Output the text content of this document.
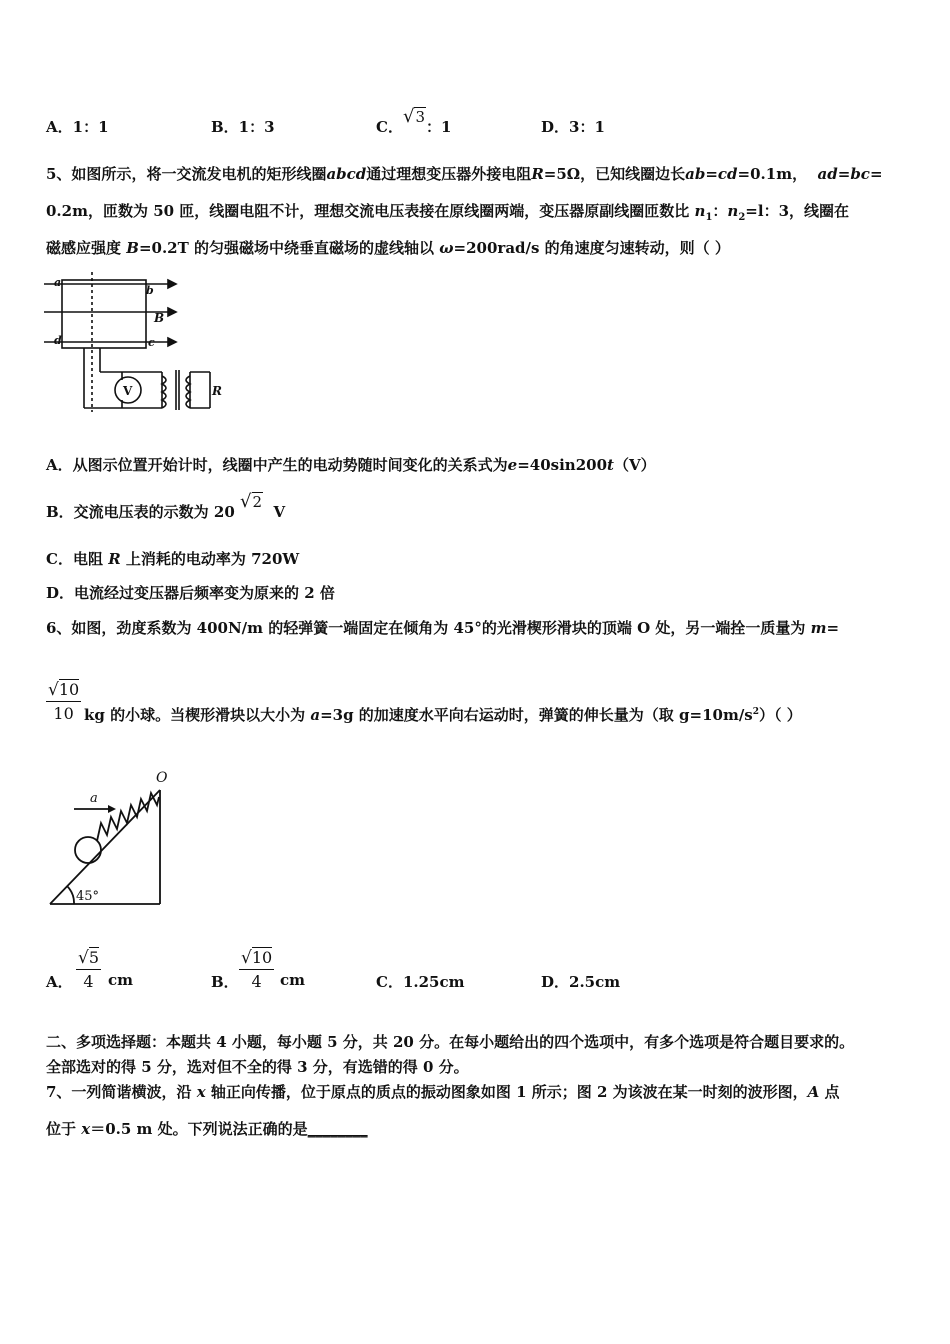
A．1：1	B．1：3	C．√3：1	D．3：1
5、如图所示，将一交流发电机的矩形线圈abcd通过理想变压器外接电阻R=5Ω，已知线圈边长ab=cd=0.1m， ad=bc=
0.2m，匝数为 50 匝，线圈电阻不计，理想交流电压表接在原线圈两端，变压器原副线圈匝数比 $n_1$：$n_2=l$：3，线圈在
磁感应强度 B=0.2T 的匀强磁场中绕垂直磁场的虚线轴以 ω=200rad/s 的角速度匀速转动，则（ ）
a
b
d	c
B
V	R
A．从图示位置开始计时，线圈中产生的电动势随时间变化的关系式为e=40sin200t（V）
B．交流电压表的示数为 20 √2  V
C．电阻 R 上消耗的电动率为 720W
D．电流经过变压器后频率变为原来的 2 倍
6、如图，劲度系数为 400N/m 的轻弹簧一端固定在倾角为 45°的光滑楔形滑块的顶端 O 处，另一端拴一质量为 m=
$\frac{√10}{10}$ kg 的小球。当楔形滑块以大小为 a=3g 的加速度水平向右运动时，弹簧的伸长量为（取 $g=10m/s^2$）（ ）
a
O
45°
A． $\frac{√5}{4}$ cm	B． $\frac{√10}{4}$ cm	C．1.25cm	D．2.5cm
二、多项选择题：本题共 4 小题，每小题 5 分，共 20 分。在每小题给出的四个选项中，有多个选项是符合题目要求的。
全部选对的得 5 分，选对但不全的得 3 分，有选错的得 0 分。
7、一列简谐横波，沿 x 轴正向传播，位于原点的质点的振动图象如图 1 所示；图 2 为该波在某一时刻的波形图，A 点
位于 x＝0.5 m 处。下列说法正确的是________
